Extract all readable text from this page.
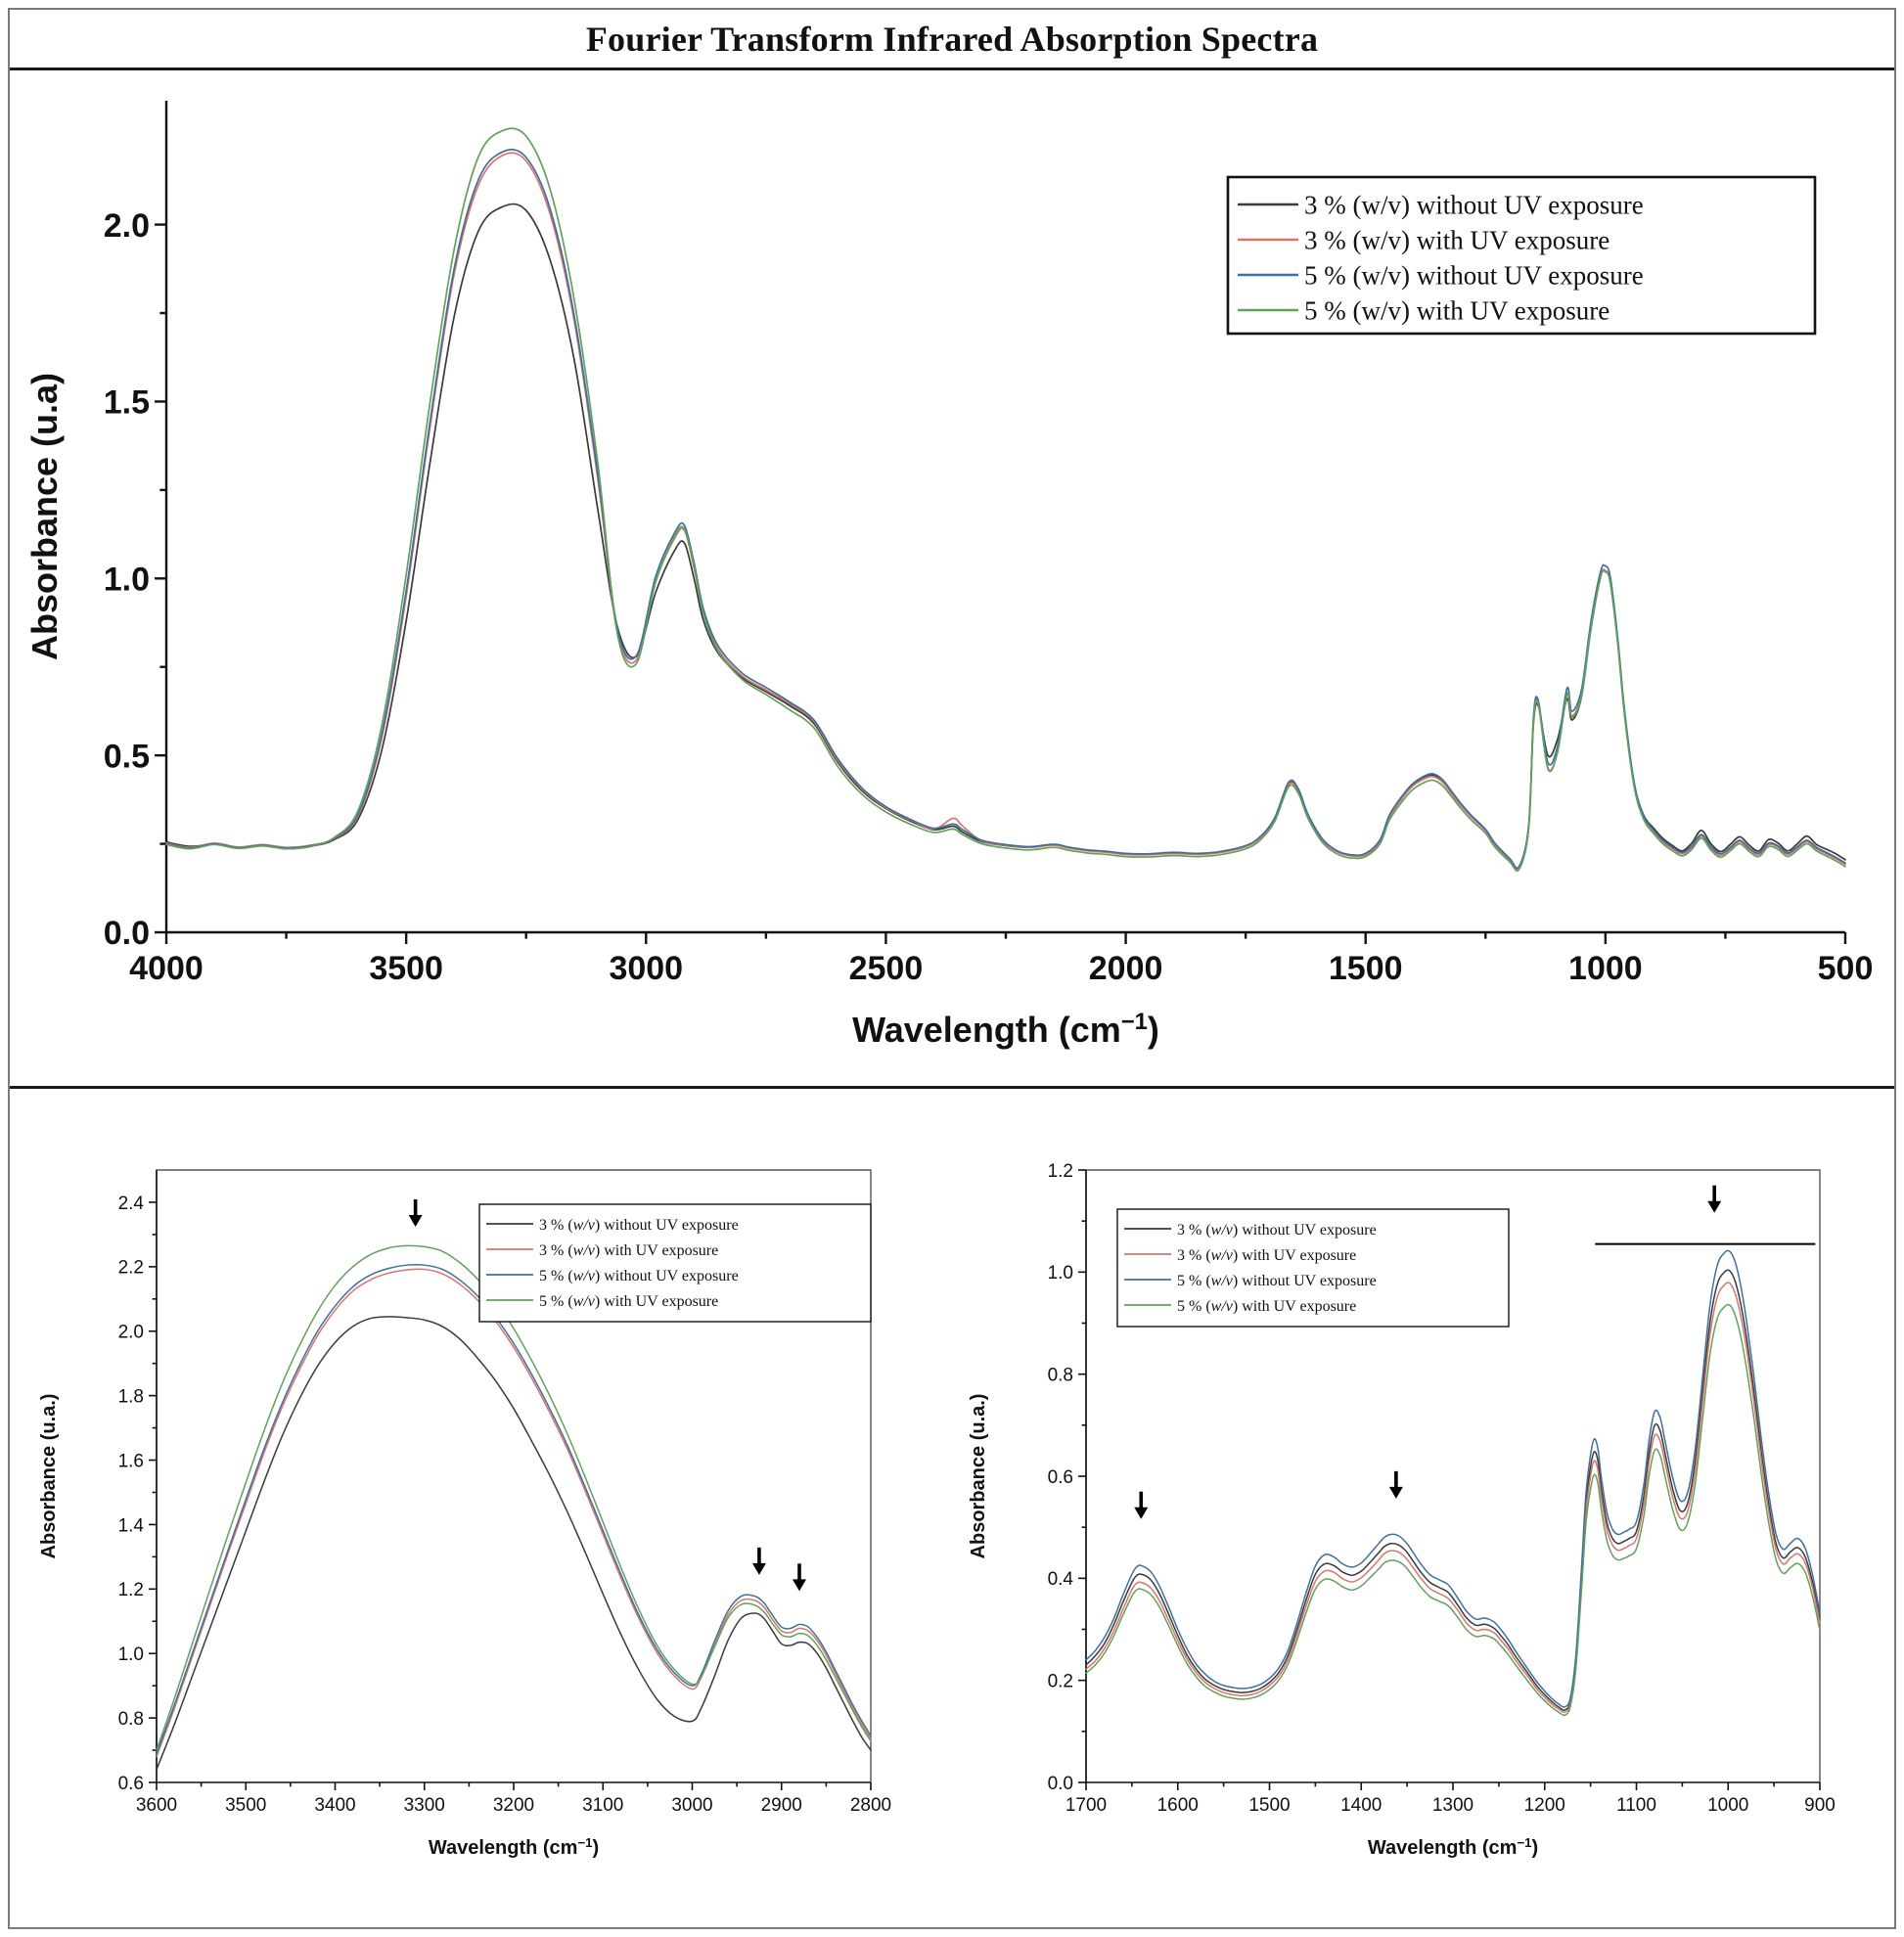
Fourier Transform Infrared Absorption Spectra
4000	3500	3000	2500	2000	1500	1000	500
0.0
0.5
1.0
1.5
2.0
Wavelength $(cm^{-1})$
Absorbance (u.a)
3 % (w/v) without UV exposure
3 % (w/v) with UV exposure
5 % (w/v) without UV exposure
5 % (w/v) with UV exposure
3600	3500	3400	3300	3200	3100	3000	2900	2800
0.6
0.8
1.0
1.2
1.4
1.6
1.8
2.0
2.2
2.4
Wavelength $(cm^{-1})$
Absorbance (u.a.)
3 % (w/v) without UV exposure
3 % (w/v) with UV exposure
5 % (w/v) without UV exposure
5 % (w/v) with UV exposure
1700	1600	1500	1400	1300	1200	1100	1000	900
0.0
0.2
0.4
0.6
0.8
1.0
1.2
Wavelength $(cm^{-1})$
Absorbance (u.a.)
3 % (w/v) without UV exposure
3 % (w/v) with UV exposure
5 % (w/v) without UV exposure
5 % (w/v) with UV exposure
